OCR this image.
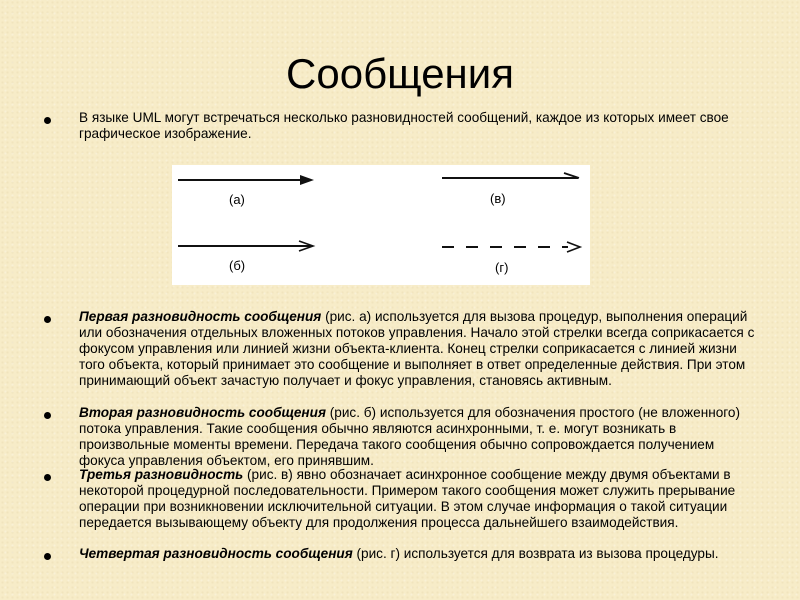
Сообщения
В языке UML могут встречаться несколько разновидностей сообщений, каждое из которых имеет свое графическое изображение.
(а)
(б)
(в)
(г)
Первая разновидность сообщения (рис. а) используется для вызова процедур, выполнения операций или обозначения отдельных вложенных потоков управления. Начало этой стрелки всегда соприкасается с фокусом управления или линией жизни объекта-клиента. Конец стрелки соприкасается с линией жизни того объекта, который принимает это сообщение и выполняет в ответ определенные действия. При этом принимающий объект зачастую получает и фокус управления, становясь активным.
Вторая разновидность сообщения (рис. б) используется для обозначения простого (не вложенного) потока управления. Такие сообщения обычно являются асинхронными, т. е. могут возникать в произвольные моменты времени. Передача такого сообщения обычно сопровождается получением фокуса управления объектом, его принявшим.
Третья разновидность (рис. в) явно обозначает асинхронное сообщение между двумя объектами в некоторой процедурной последовательности. Примером такого сообщения может служить прерывание операции при возникновении исключительной ситуации. В этом случае информация о такой ситуации передается вызывающему объекту для продолжения процесса дальнейшего взаимодействия.
Четвертая разновидность сообщения (рис. г) используется для возврата из вызова процедуры.
